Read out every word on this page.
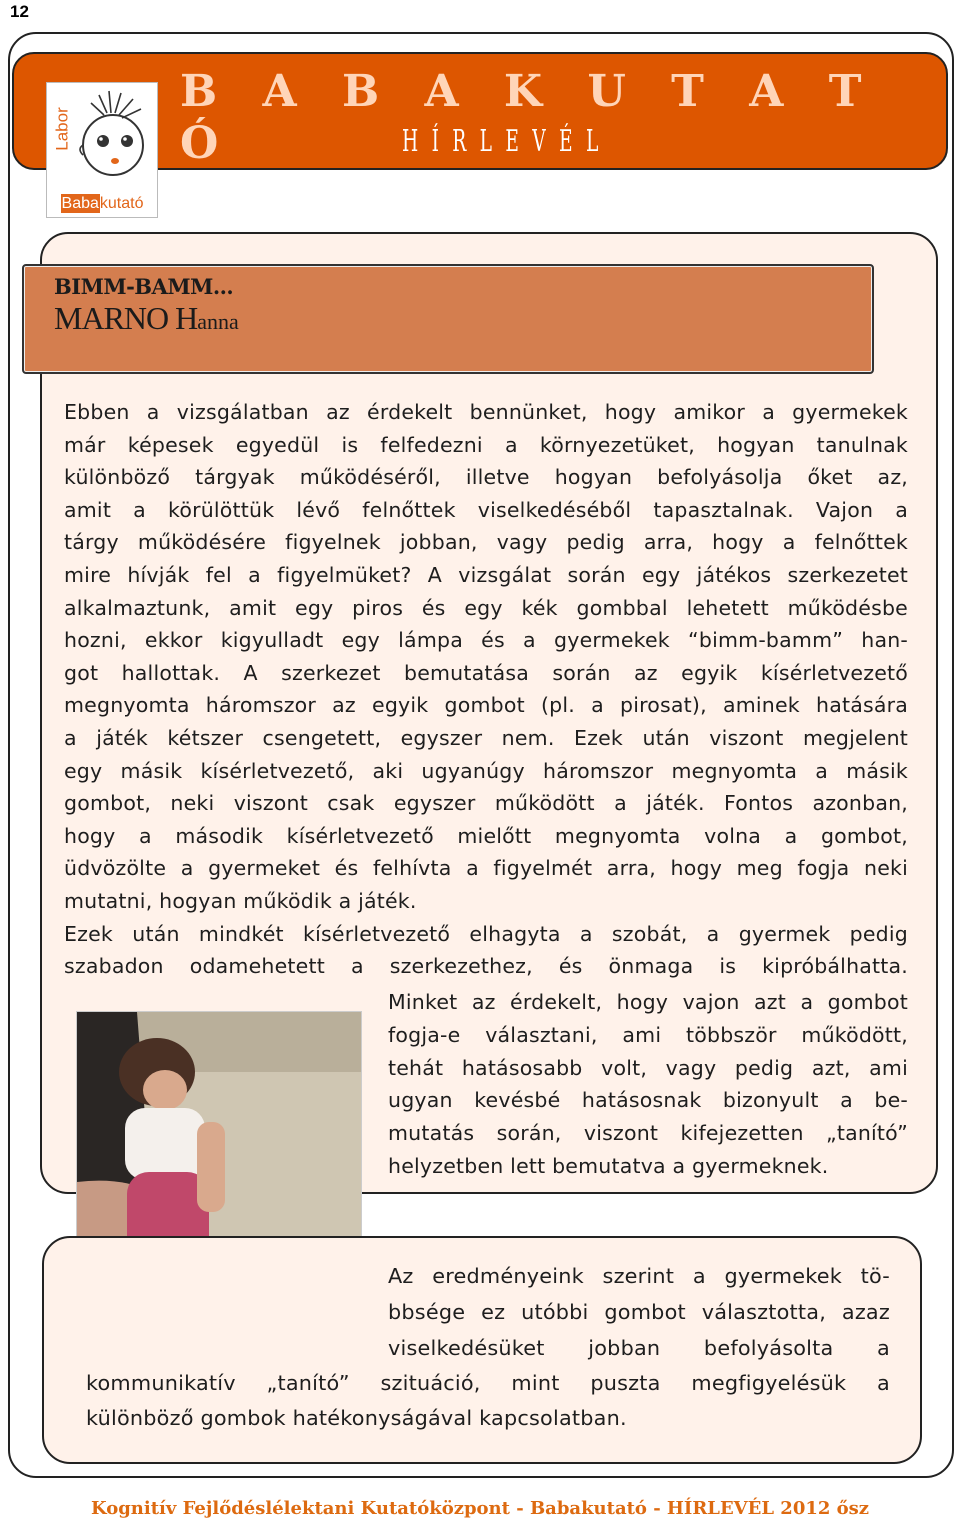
12
Labor
Babakutató
B A B A K U T A T Ó	H Í R L E V É L
BIMM-BAMM...
MARNO Hanna
Ebben a vizsgálatban az érdekelt bennünket, hogy amikor a gyermekek
már képesek egyedül is felfedezni a környezetüket, hogyan tanulnak
különböző tárgyak működéséről, illetve hogyan befolyásolja őket az,
amit a körülöttük lévő felnőttek viselkedéséből tapasztalnak. Vajon a
tárgy működésére figyelnek jobban, vagy pedig arra, hogy a felnőttek
mire hívják fel a figyelmüket? A vizsgálat során egy játékos szerkezetet
alkalmaztunk, amit egy piros és egy kék gombbal lehetett működésbe
hozni, ekkor kigyulladt egy lámpa és a gyermekek “bimm-bamm” han-
got hallottak. A szerkezet bemutatása során az egyik kísérletvezető
megnyomta háromszor az egyik gombot (pl. a pirosat), aminek hatására
a játék kétszer csengetett, egyszer nem. Ezek után viszont megjelent
egy másik kísérletvezető, aki ugyanúgy háromszor megnyomta a másik
gombot, neki viszont csak egyszer működött a játék. Fontos azonban,
hogy a második kísérletvezető mielőtt megnyomta volna a gombot,
üdvözölte a gyermeket és felhívta a figyelmét arra, hogy meg fogja neki
mutatni, hogyan működik a játék.
Ezek után mindkét kísérletvezető elhagyta a szobát, a gyermek pedig
szabadon odamehetett a szerkezethez, és önmaga is kipróbálhatta.
Minket az érdekelt, hogy vajon azt a gombot
fogja-e választani, ami többször működött,
tehát hatásosabb volt, vagy pedig azt, ami
ugyan kevésbé hatásosnak bizonyult a be-
mutatás során, viszont kifejezetten „tanító”
helyzetben lett bemutatva a gyermeknek.
Az eredményeink szerint a gyermekek tö-
bbsége ez utóbbi gombot választotta, azaz
viselkedésüket jobban befolyásolta a
kommunikatív „tanító” szituáció, mint puszta megfigyelésük a
különböző gombok hatékonyságával kapcsolatban.
Kognitív Fejlődéslélektani Kutatóközpont - Babakutató - HÍRLEVÉL 2012 ősz
